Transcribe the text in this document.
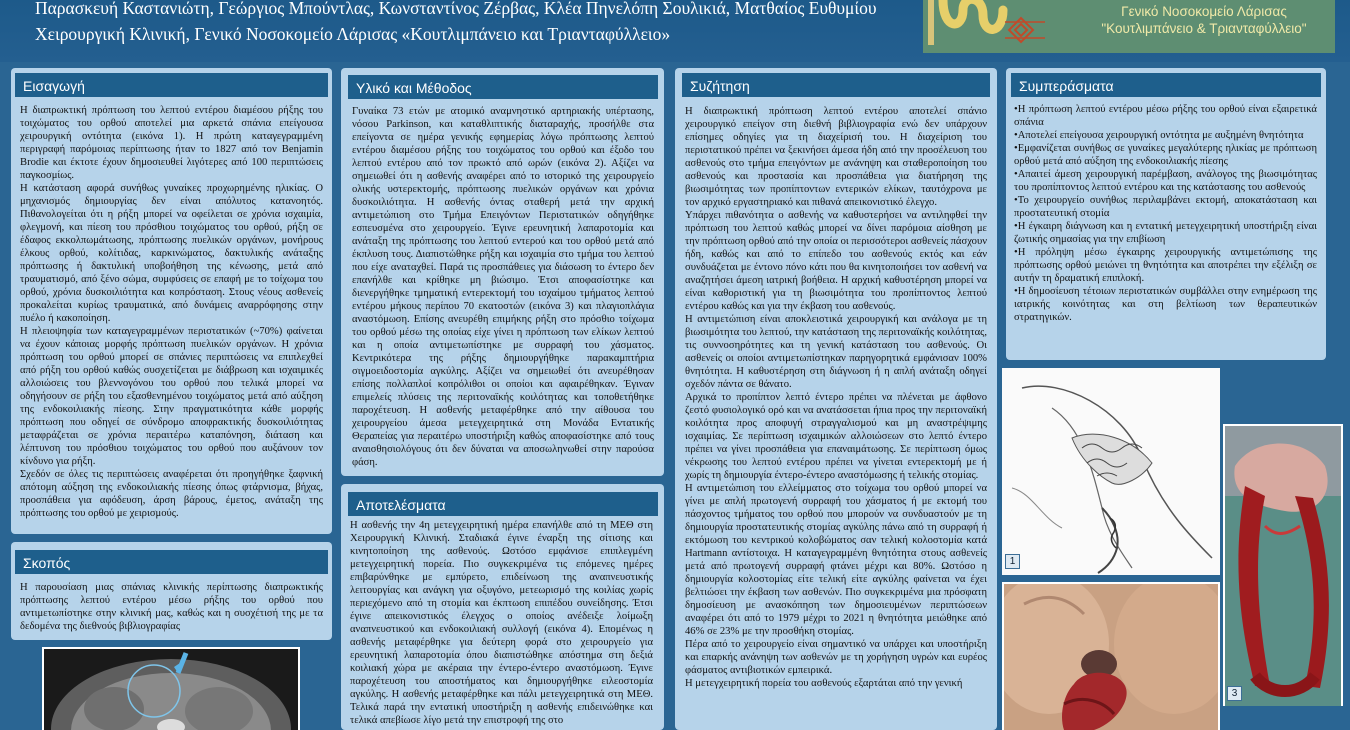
Παρασκευή Καστανιώτη, Γεώργιος Μπούντλας, Κωνσταντίνος Ζέρβας, Κλέα Πηνελόπη Σουλικιά, Ματθαίος Ευθυμίου
Χειρουργική Κλινική, Γενικό Νοσοκομείο Λάρισας «Κουτλιμπάνειο και Τριανταφύλλειο»
Γενικό Νοσοκομείο Λάρισας
"Κουτλιμπάνειο & Τριανταφύλλειο"
Εισαγωγή

Η διαπρωκτική πρόπτωση του λεπτού εντέρου διαμέσου ρήξης του τοιχώματος του ορθού αποτελεί μια αρκετά σπάνια επείγουσα χειρουργική οντότητα (εικόνα 1). Η πρώτη καταγεγραμμένη περιγραφή παρόμοιας περίπτωσης ήταν το 1827 από τον Benjamin Brodie και έκτοτε έχουν δημοσιευθεί λιγότερες από 100 περιπτώσεις παγκοσμίως.

Η κατάσταση αφορά συνήθως γυναίκες προχωρημένης ηλικίας. Ο μηχανισμός δημιουργίας δεν είναι απόλυτος κατανοητός. Πιθανολογείται ότι η ρήξη μπορεί να οφείλεται σε χρόνια ισχαιμία, φλεγμονή, και πίεση του πρόσθιου τοιχώματος του ορθού, ρήξη σε έδαφος εκκολπωμάτωσης, πρόπτωσης πυελικών οργάνων, μονήρους έλκους ορθού, κολίτιδας, καρκινώματος, δακτυλικής ανάταξης πρόπτωσης ή δακτυλική υποβοήθηση της κένωσης, μετά από τραυματισμό, από ξένο σώμα, συμφύσεις σε επαφή με το τοίχωμα του ορθού, χρόνια δυσκοιλιότητα και κοπρόσταση. Στους νέους ασθενείς προκαλείται κυρίως τραυματικά, από δυνάμεις αναρρόφησης στην πυέλο ή κακοποίηση.

Η πλειοψηφία των καταγεγραμμένων περιστατικών (~70%) φαίνεται να έχουν κάποιας μορφής πρόπτωση πυελικών οργάνων. Η χρόνια πρόπτωση του ορθού μπορεί σε σπάνιες περιπτώσεις να επιπλεχθεί από ρήξη του ορθού καθώς συσχετίζεται με διάβρωση και ισχαιμικές αλλοιώσεις του βλεννογόνου του ορθού που τελικά μπορεί να οδηγήσουν σε ρήξη του εξασθενημένου τοιχώματος μετά από αύξηση της ενδοκοιλιακής πίεσης. Στην πραγματικότητα κάθε μορφής πρόπτωση που οδηγεί σε σύνδρομο αποφρακτικής δυσκοιλιότητας μεταφράζεται σε χρόνια περαιτέρω καταπόνηση, διάταση και λέπτυνση του πρόσθιου τοιχώματος του ορθού που αυξάνουν τον κίνδυνο για ρήξη.

Σχεδόν σε όλες τις περιπτώσεις αναφέρεται ότι προηγήθηκε ξαφνική απότομη αύξηση της ενδοκοιλιακής πίεσης όπως φτάρνισμα, βήχας, προσπάθεια για αφόδευση, άρση βάρους, έμετος, ανάταξη της πρόπτωσης του ορθού με χειρισμούς.

Σκοπός
Η παρουσίαση μιας σπάνιας κλινικής περίπτωσης διαπρωκτικής πρόπτωσης λεπτού εντέρου μέσω ρήξης του ορθού που αντιμετωπίστηκε στην κλινική μας, καθώς και η συσχέτισή της με τα δεδομένα της διεθνούς βιβλιογραφίας
Υλικό και Μέθοδος
Γυναίκα 73 ετών με ατομικό αναμνηστικό αρτηριακής υπέρτασης, νόσου Parkinson, και καταθλιπτικής διαταραχής, προσήλθε στα επείγοντα σε ημέρα γενικής εφημερίας λόγω πρόπτωσης λεπτού εντέρου διαμέσου ρήξης του τοιχώματος του ορθού και έξοδο του λεπτού εντέρου από τον πρωκτό από ωρών (εικόνα 2). Αξίζει να σημειωθεί ότι η ασθενής αναφέρει από το ιστορικό της χειρουργείο ολικής υστερεκτομής, πρόπτωσης πυελικών οργάνων και χρόνια δυσκοιλιότητα. Η ασθενής όντας σταθερή μετά την αρχική αντιμετώπιση στο Τμήμα Επειγόντων Περιστατικών οδηγήθηκε εσπευσμένα στο χειρουργείο. Έγινε ερευνητική λαπαροτομία και ανάταξη της πρόπτωσης του λεπτού εντερού και του ορθού μετά από έκπλυση τους. Διαπιστώθηκε ρήξη και ισχαιμία στο τμήμα του λεπτού που είχε αναταχθεί. Παρά τις προσπάθειες για διάσωση το έντερο δεν επανήλθε και κρίθηκε μη βιώσιμο. Έτσι αποφασίστηκε και διενεργήθηκε τμηματική εντερεκτομή του ισχαίμου τμήματος λεπτού εντέρου μήκους περίπου 70 εκατοστών (εικόνα 3) και πλαγιοπλάγια αναστόμωση. Επίσης ανευρέθη επιμήκης ρήξη στο πρόσθιο τοίχωμα του ορθού μέσω της οποίας είχε γίνει η πρόπτωση των ελίκων λεπτού και η οποία αντιμετωπίστηκε με συρραφή του χάσματος. Κεντρικότερα της ρήξης δημιουργήθηκε παρακαμπτήρια σιγμοειδοστομία αγκύλης. Αξίζει να σημειωθεί ότι ανευρέθησαν επίσης πολλαπλοί κοπρόλιθοι οι οποίοι και αφαιρέθηκαν. Έγιναν επιμελείς πλύσεις της περιτοναϊκής κοιλότητας και τοποθετήθηκε παροχέτευση. Η ασθενής μεταφέρθηκε από την αίθουσα του χειρουργείου άμεσα μετεγχειρητικά στη Μονάδα Εντατικής Θεραπείας για περαιτέρω υποστήριξη καθώς αποφασίστηκε από τους αναισθησιολόγους ότι δεν δύναται να αποσωληνωθεί στην παρούσα φάση.
Αποτελέσματα
Η ασθενής την 4η μετεγχειρητική ημέρα επανήλθε από τη ΜΕΘ στη Χειρουργική Κλινική. Σταδιακά έγινε έναρξη της σίτισης και κινητοποίηση της ασθενούς. Ωστόσο εμφάνισε επιπλεγμένη μετεγχειρητική πορεία. Πιο συγκεκριμένα τις επόμενες ημέρες επιβαρύνθηκε με εμπύρετο, επιδείνωση της αναπνευστικής λειτουργίας και ανάγκη για οξυγόνο, μετεωρισμό της κοιλίας χωρίς περιεχόμενο από τη στομία και έκπτωση επιπέδου συνείδησης. Έτσι έγινε απεικονιστικός έλεγχος ο οποίος ανέδειξε λοίμωξη αναπνευστικού και ενδοκοιλιακή συλλογή (εικόνα 4). Επομένως η ασθενής μεταφέρθηκε για δεύτερη φορά στο χειρουργείο για ερευνητική λαπαροτομία όπου διαπιστώθηκε απόστημα στη δεξιά κοιλιακή χώρα με ακέραια την έντερο-έντερο αναστόμωση. Έγινε παροχέτευση του αποστήματος και δημιουργήθηκε ειλεοστομία αγκύλης. Η ασθενής μεταφέρθηκε και πάλι μετεγχειρητικά στη ΜΕΘ. Τελικά παρά την εντατική υποστήριξη η ασθενής επιδεινώθηκε και τελικά απεβίωσε λίγο μετά την επιστροφή της στο
Συζήτηση

Η διαπρωκτική πρόπτωση λεπτού εντέρου αποτελεί σπάνιο χειρουργικό επείγον στη διεθνή βιβλιογραφία ενώ δεν υπάρχουν επίσημες οδηγίες για τη διαχείρισή του. Η διαχείριση του περιστατικού πρέπει να ξεκινήσει άμεσα ήδη από την προσέλευση του ασθενούς στο τμήμα επειγόντων με ανάνηψη και σταθεροποίηση του ασθενούς και προστασία και προσπάθεια για διατήρηση της βιωσιμότητας των προπίπτοντων εντερικών ελίκων, ταυτόχρονα με τον αρχικό εργαστηριακό και πιθανά απεικονιστικό έλεγχο.

Υπάρχει πιθανότητα ο ασθενής να καθυστερήσει να αντιληφθεί την πρόπτωση του λεπτού καθώς μπορεί να δίνει παρόμοια αίσθηση με την πρόπτωση ορθού από την οποία οι περισσότεροι ασθενείς πάσχουν ήδη, καθώς και από το επίπεδο του ασθενούς εκτός και εάν συνδυάζεται με έντονο πόνο κάτι που θα κινητοποιήσει τον ασθενή να αναζητήσει άμεση ιατρική βοήθεια. Η αρχική καθυστέρηση μπορεί να είναι καθοριστική για τη βιωσιμότητα του προπίπτοντος λεπτού εντέρου καθώς και για την έκβαση του ασθενούς.

Η αντιμετώπιση είναι αποκλειστικά χειρουργική και ανάλογα με τη βιωσιμότητα του λεπτού, την κατάσταση της περιτοναϊκής κοιλότητας, τις συννοσηρότητες και τη γενική κατάσταση του ασθενούς. Οι ασθενείς οι οποίοι αντιμετωπίστηκαν παρηγορητικά εμφάνισαν 100% θνητότητα. Η καθυστέρηση στη διάγνωση ή η απλή ανάταξη οδηγεί σχεδόν πάντα σε θάνατο.

Αρχικά το προπίπτον λεπτό έντερο πρέπει να πλένεται με άφθονο ζεστό φυσιολογικό ορό και να ανατάσσεται ήπια προς την περιτοναϊκή κοιλότητα προς αποφυγή στραγγαλισμού και μη αναστρέψιμης ισχαιμίας. Σε περίπτωση ισχαιμικών αλλοιώσεων στο λεπτό έντερο πρέπει να γίνει προσπάθεια για επαναιμάτωσης. Σε περίπτωση όμως νέκρωσης του λεπτού εντέρου πρέπει να γίνεται εντερεκτομή με ή χωρίς τη δημιουργία έντερο-έντερο αναστόμωσης ή τελικής στομίας.

Η αντιμετώπιση του ελλείμματος στο τοίχωμα του ορθού μπορεί να γίνει με απλή πρωτογενή συρραφή του χάσματος ή με εκτομή του πάσχοντος τμήματος του ορθού που μπορούν να συνδυαστούν με τη δημιουργία προστατευτικής στομίας αγκύλης πάνω από τη συρραφή ή εκτόμωση του κεντρικού κολοβώματος σαν τελική κολοστομία κατά Hartmann αντίστοιχα. Η καταγεγραμμένη θνητότητα στους ασθενείς μετά από πρωτογενή συρραφή φτάνει μέχρι και 80%. Ωστόσο η δημιουργία κολοστομίας είτε τελική είτε αγκύλης φαίνεται να έχει βελτιώσει την έκβαση των ασθενών. Πιο συγκεκριμένα μια πρόσφατη δημοσίευση με ανασκόπηση των δημοσιευμένων περιπτώσεων αναφέρει ότι από το 1979 μέχρι το 2021 η θνητότητα μειώθηκε από 46% σε 23% με την προσθήκη στομίας.

Πέρα από το χειρουργείο είναι σημαντικό να υπάρχει και υποστήριξη και επαρκής ανάνηψη των ασθενών με τη χορήγηση υγρών και ευρέος φάσματος αντιβιοτικών εμπειρικά.

Η μετεγχειρητική πορεία του ασθενούς εξαρτάται από την γενική

Συμπεράσματα

•Η πρόπτωση λεπτού εντέρου μέσω ρήξης του ορθού είναι εξαιρετικά σπάνια

•Αποτελεί επείγουσα χειρουργική οντότητα με αυξημένη θνητότητα

•Εμφανίζεται συνήθως σε γυναίκες μεγαλύτερης ηλικίας με πρόπτωση ορθού μετά από αύξηση της ενδοκοιλιακής πίεσης

•Απαιτεί άμεση χειρουργική παρέμβαση, ανάλογος της βιωσιμότητας του προπίπτοντος λεπτού εντέρου και της κατάστασης του ασθενούς

•Το χειρουργείο συνήθως περιλαμβάνει εκτομή, αποκατάσταση και προστατευτική στομία

•Η έγκαιρη διάγνωση και η εντατική μετεγχειρητική υποστήριξη είναι ζωτικής σημασίας για την επιβίωση

•Η πρόληψη μέσω έγκαιρης χειρουργικής αντιμετώπισης της πρόπτωσης ορθού μειώνει τη θνητότητα και αποτρέπει την εξέλιξη σε αυτήν τη δραματική επιπλοκή.

•Η δημοσίευση τέτοιων περιστατικών συμβάλλει στην ενημέρωση της ιατρικής κοινότητας και στη βελτίωση των θεραπευτικών στρατηγικών.

1
3
